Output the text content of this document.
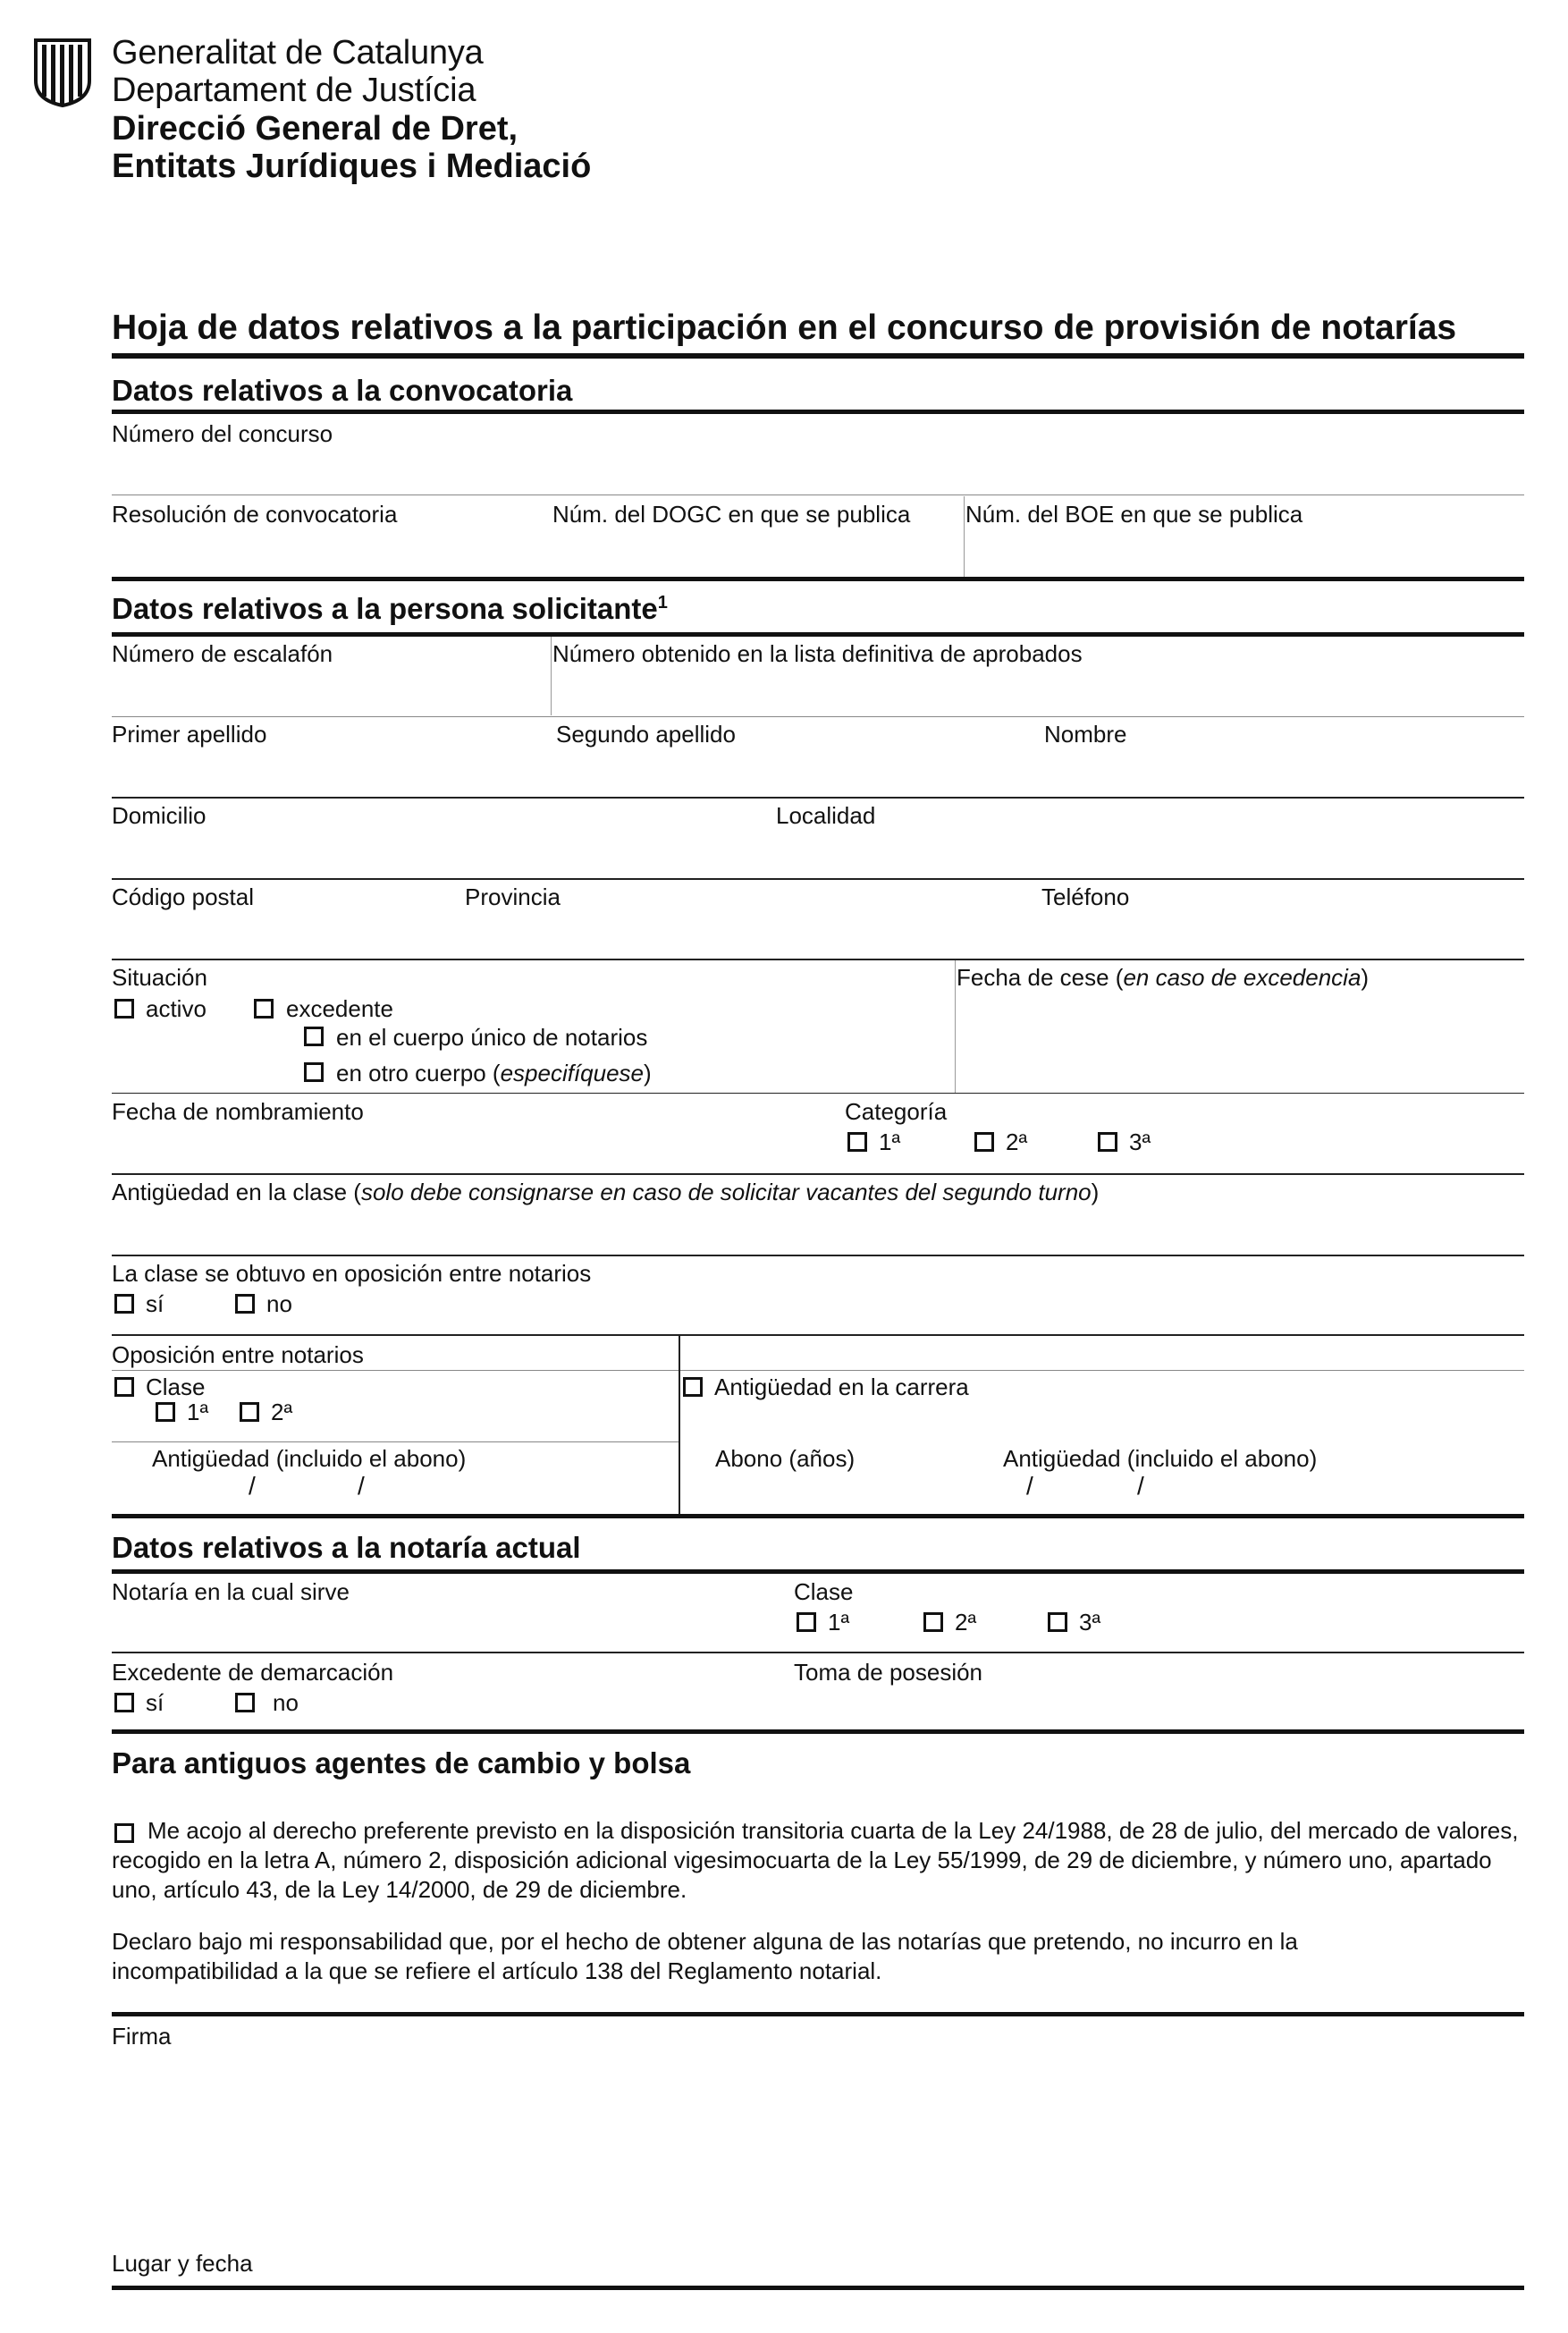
Generalitat de Catalunya
Departament de Justícia
Direcció General de Dret,
Entitats Jurídiques i Mediació
Hoja de datos relativos a la participación en el concurso de provisión de notarías
Datos relativos a la convocatoria
Número del concurso
Resolución de convocatoria	Núm. del DOGC en que se publica Núm. del BOE en que se publica
Datos relativos a la persona solicitante$^1$
Número de escalafón	Número obtenido en la lista definitiva de aprobados
Primer apellido	Segundo apellido	Nombre
Domicilio	Localidad
Código postal	Provincia	Teléfono
Situación
activo	excedente
en el cuerpo único de notarios
en otro cuerpo (especifíquese)
Fecha de cese (en caso de excedencia)
Fecha de nombramiento	Categoría
1ª	2ª	3ª
Antigüedad en la clase (solo debe consignarse en caso de solicitar vacantes del segundo turno)
La clase se obtuvo en oposición entre notarios
sí	no
Oposición entre notarios
Clase
1ª	2ª
Antigüedad (incluido el abono)
/	/
Antigüedad en la carrera
Abono (años)	Antigüedad (incluido el abono)
/	/
Datos relativos a la notaría actual
Notaría en la cual sirve	Clase
1ª	2ª	3ª
Excedente de demarcación
sí	no
Toma de posesión
Para antiguos agentes de cambio y bolsa
Me acojo al derecho preferente previsto en la disposición transitoria cuarta de la Ley 24/1988, de 28 de julio, del mercado de valores, recogido en la letra A, número 2, disposición adicional vigesimocuarta de la Ley 55/1999, de 29 de diciembre, y número uno, apartado uno, artículo 43, de la Ley 14/2000, de 29 de diciembre.
Declaro bajo mi responsabilidad que, por el hecho de obtener alguna de las notarías que pretendo, no incurro en la incompatibilidad a la que se refiere el artículo 138 del Reglamento notarial.
Firma
Lugar y fecha
